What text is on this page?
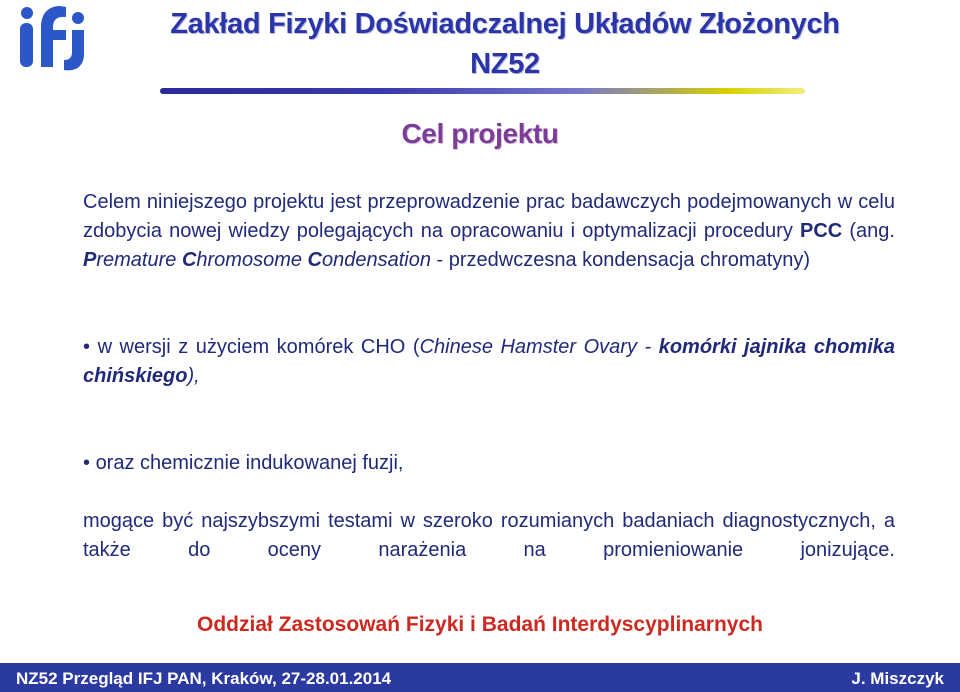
Zakład Fizyki Doświadczalnej Układów Złożonych
NZ52
Cel projektu

Celem niniejszego projektu jest przeprowadzenie prac badawczych podejmowanych w celu zdobycia nowej wiedzy polegających na opracowaniu i optymalizacji procedury PCC (ang. Premature Chromosome Condensation - przedwczesna kondensacja chromatyny)

• w wersji z użyciem komórek CHO (Chinese Hamster Ovary - komórki jajnika chomika chińskiego),

• oraz chemicznie indukowanej fuzji,

mogące być najszybszymi testami w szeroko rozumianych badaniach diagnostycznych, a także do oceny narażenia na promieniowanie jonizujące.

Oddział Zastosowań Fizyki i Badań Interdyscyplinarnych

NZ52 Przegląd IFJ PAN, Kraków, 27-28.01.2014	J. Miszczyk
